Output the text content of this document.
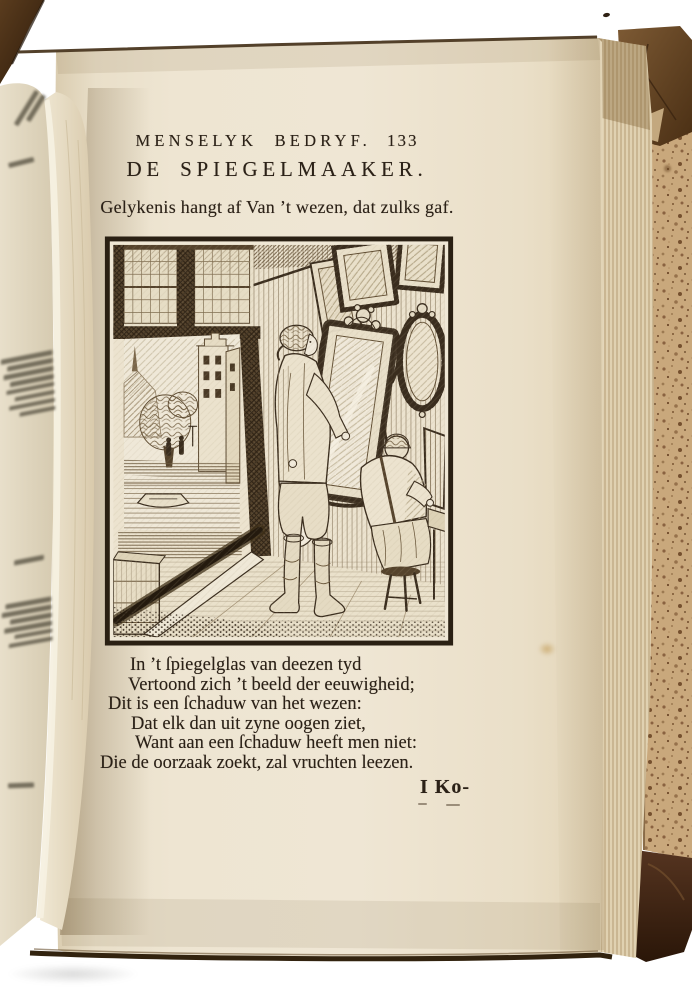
MENSELYK BEDRYF. 133
DE SPIEGELMAAKER.
Gelykenis hangt af Van ’t wezen, dat zulks gaf.
In ’t ſpiegelglas van deezen tyd
Vertoond zich ’t beeld der eeuwigheid;
Dit is een ſchaduw van het wezen:
Dat elk dan uit zyne oogen ziet,
Want aan een ſchaduw heeft men niet:
Die de oorzaak zoekt, zal vruchten leezen.
I Ko-
